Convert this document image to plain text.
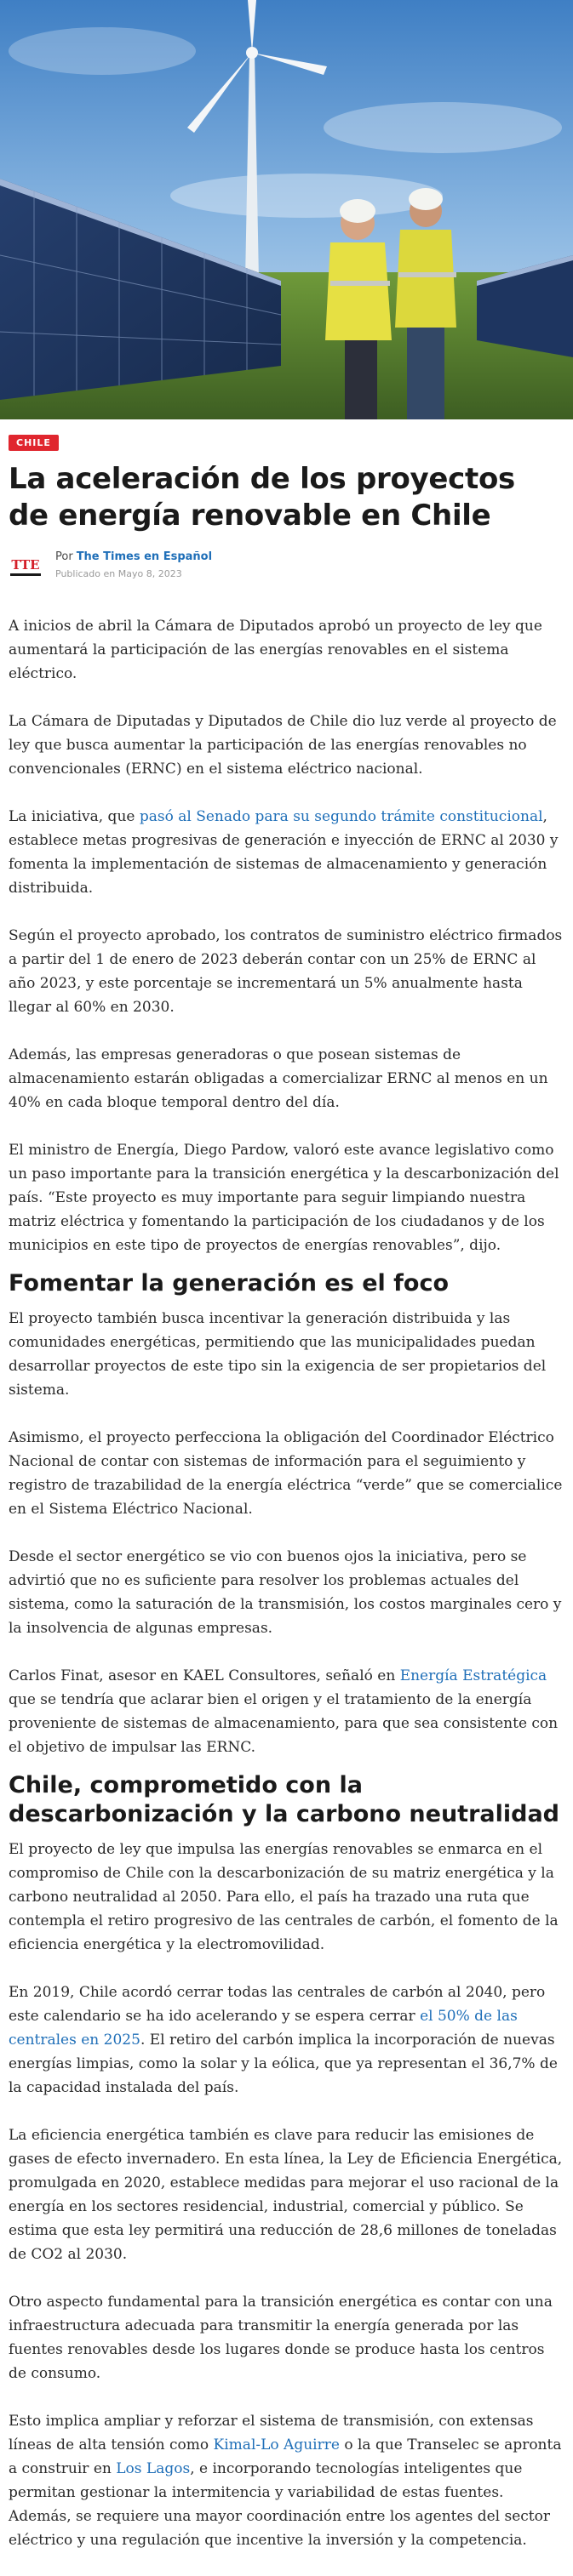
CHILE
La aceleración de los proyectos de energía renovable en Chile
TTE
Por The Times en Español
Publicado en Mayo 8, 2023

A inicios de abril la Cámara de Diputados aprobó un proyecto de ley que aumentará la participación de las energías renovables en el sistema eléctrico.

La Cámara de Diputadas y Diputados de Chile dio luz verde al proyecto de ley que busca aumentar la participación de las energías renovables no convencionales (ERNC) en el sistema eléctrico nacional.

La iniciativa, que pasó al Senado para su segundo trámite constitucional, establece metas progresivas de generación e inyección de ERNC al 2030 y fomenta la implementación de sistemas de almacenamiento y generación distribuida.

Según el proyecto aprobado, los contratos de suministro eléctrico firmados a partir del 1 de enero de 2023 deberán contar con un 25% de ERNC al año 2023, y este porcentaje se incrementará un 5% anualmente hasta llegar al 60% en 2030.

Además, las empresas generadoras o que posean sistemas de almacenamiento estarán obligadas a comercializar ERNC al menos en un 40% en cada bloque temporal dentro del día.

El ministro de Energía, Diego Pardow, valoró este avance legislativo como un paso importante para la transición energética y la descarbonización del país. “Este proyecto es muy importante para seguir limpiando nuestra matriz eléctrica y fomentando la participación de los ciudadanos y de los municipios en este tipo de proyectos de energías renovables”, dijo.

Fomentar la generación es el foco

El proyecto también busca incentivar la generación distribuida y las comunidades energéticas, permitiendo que las municipalidades puedan desarrollar proyectos de este tipo sin la exigencia de ser propietarios del sistema.

Asimismo, el proyecto perfecciona la obligación del Coordinador Eléctrico Nacional de contar con sistemas de información para el seguimiento y registro de trazabilidad de la energía eléctrica “verde” que se comercialice en el Sistema Eléctrico Nacional.

Desde el sector energético se vio con buenos ojos la iniciativa, pero se advirtió que no es suficiente para resolver los problemas actuales del sistema, como la saturación de la transmisión, los costos marginales cero y la insolvencia de algunas empresas.

Carlos Finat, asesor en KAEL Consultores, señaló en Energía Estratégica que se tendría que aclarar bien el origen y el tratamiento de la energía proveniente de sistemas de almacenamiento, para que sea consistente con el objetivo de impulsar las ERNC.

Chile, comprometido con la descarbonización y la carbono neutralidad

El proyecto de ley que impulsa las energías renovables se enmarca en el compromiso de Chile con la descarbonización de su matriz energética y la carbono neutralidad al 2050. Para ello, el país ha trazado una ruta que contempla el retiro progresivo de las centrales de carbón, el fomento de la eficiencia energética y la electromovilidad.

En 2019, Chile acordó cerrar todas las centrales de carbón al 2040, pero este calendario se ha ido acelerando y se espera cerrar el 50% de las centrales en 2025. El retiro del carbón implica la incorporación de nuevas energías limpias, como la solar y la eólica, que ya representan el 36,7% de la capacidad instalada del país.

La eficiencia energética también es clave para reducir las emisiones de gases de efecto invernadero. En esta línea, la Ley de Eficiencia Energética, promulgada en 2020, establece medidas para mejorar el uso racional de la energía en los sectores residencial, industrial, comercial y público. Se estima que esta ley permitirá una reducción de 28,6 millones de toneladas de CO2 al 2030.

Otro aspecto fundamental para la transición energética es contar con una infraestructura adecuada para transmitir la energía generada por las fuentes renovables desde los lugares donde se produce hasta los centros de consumo.

Esto implica ampliar y reforzar el sistema de transmisión, con extensas líneas de alta tensión como Kimal-Lo Aguirre o la que Transelec se apronta a construir en Los Lagos, e incorporando tecnologías inteligentes que permitan gestionar la intermitencia y variabilidad de estas fuentes. Además, se requiere una mayor coordinación entre los agentes del sector eléctrico y una regulación que incentive la inversión y la competencia.
